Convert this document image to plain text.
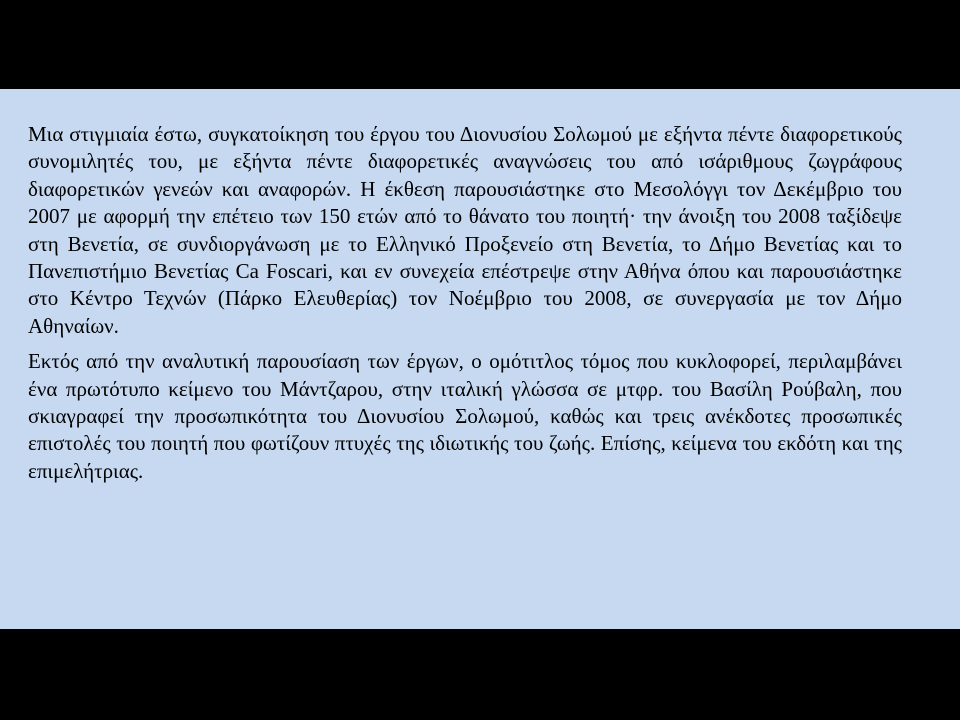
Μια στιγμιαία έστω, συγκατοίκηση του έργου του Διονυσίου Σολωμού με εξήντα πέντε διαφορετικούς συνομιλητές του, με εξήντα πέντε διαφορετικές αναγνώσεις του από ισάριθμους ζωγράφους διαφορετικών γενεών και αναφορών. Η έκθεση παρουσιάστηκε στο Μεσολόγγι τον Δεκέμβριο του 2007 με αφορμή την επέτειο των 150 ετών από το θάνατο του ποιητή· την άνοιξη του 2008 ταξίδεψε στη Βενετία, σε συνδιοργάνωση με το Ελληνικό Προξενείο στη Βενετία, το Δήμο Βενετίας και το Πανεπιστήμιο Βενετίας Ca Foscari, και εν συνεχεία επέστρεψε στην Αθήνα όπου και παρουσιάστηκε στο Κέντρο Τεχνών (Πάρκο Ελευθερίας) τον Νοέμβριο του 2008, σε συνεργασία με τον Δήμο Αθηναίων.

Εκτός από την αναλυτική παρουσίαση των έργων, ο ομότιτλος τόμος που κυκλοφορεί, περιλαμβάνει ένα πρωτότυπο κείμενο του Μάντζαρου, στην ιταλική γλώσσα σε μτφρ. του Βασίλη Ρούβαλη, που σκιαγραφεί την προσωπικότητα του Διονυσίου Σολωμού, καθώς και τρεις ανέκδοτες προσωπικές επιστολές του ποιητή που φωτίζουν πτυχές της ιδιωτικής του ζωής. Επίσης, κείμενα του εκδότη και της επιμελήτριας.
